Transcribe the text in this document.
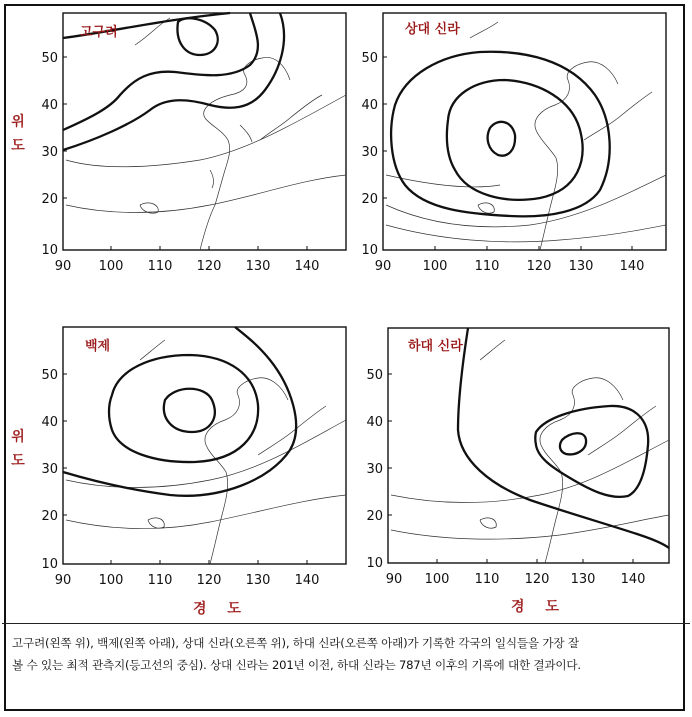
위
도
위
도
경 도	경 도
고구려
50
40
30
20
10
90 100 110 120 130 140
상대 신라
50
40
30
20
10
90 100 110 120 130 140
백제
50
40
30
20
10
90 100 110 120 130 140
하대 신라
50
40
30
20
10
90 100 110 120 130 140
고구려(왼쪽 위), 백제(왼쪽 아래), 상대 신라(오른쪽 위), 하대 신라(오른쪽 아래)가 기록한 각국의 일식들을 가장 잘
볼 수 있는 최적 관측지(등고선의 중심). 상대 신라는 201년 이전, 하대 신라는 787년 이후의 기록에 대한 결과이다.
